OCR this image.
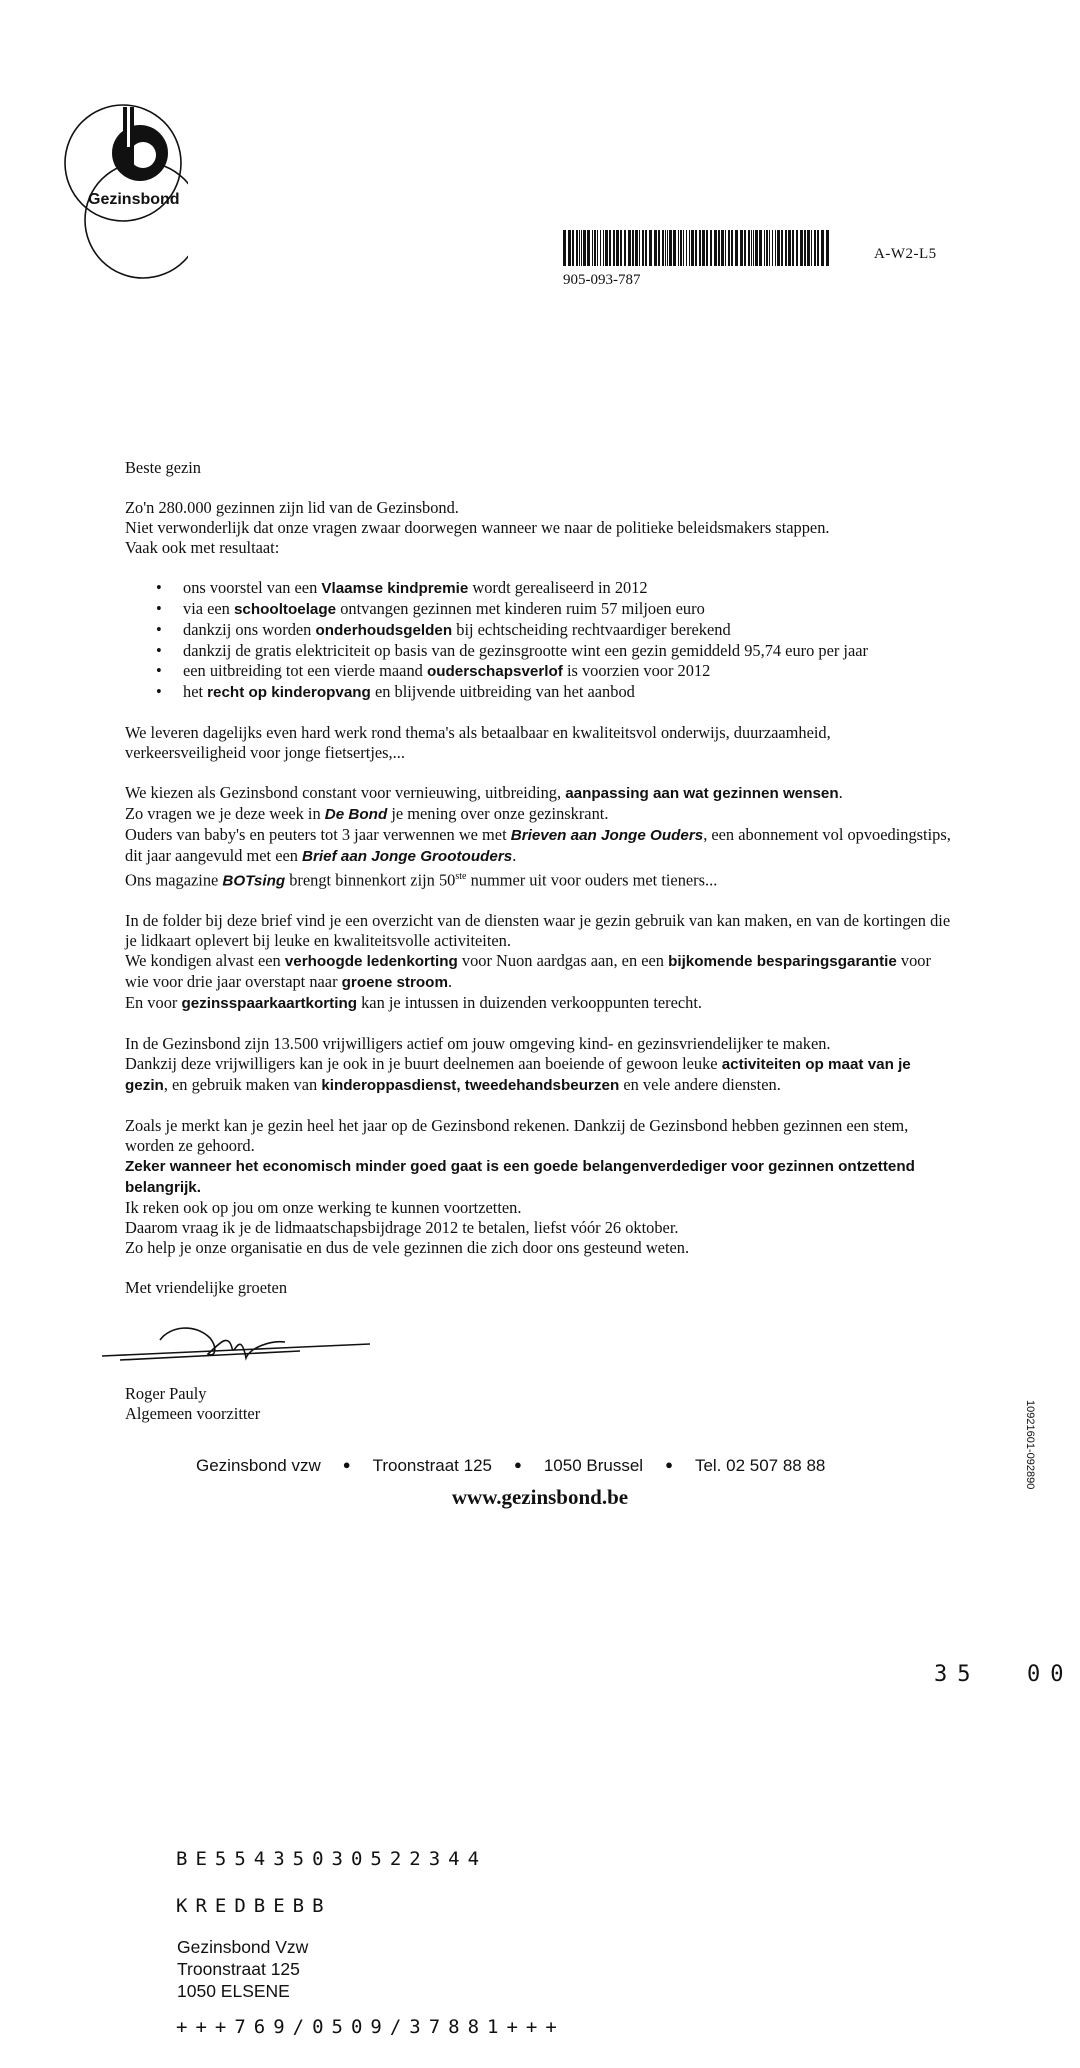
Gezinsbond
905-093-787
A-W2-L5
10921601-092890

Beste gezin

Zo'n 280.000 gezinnen zijn lid van de Gezinsbond.

Niet verwonderlijk dat onze vragen zwaar doorwegen wanneer we naar de politieke beleidsmakers stappen.

Vaak ook met resultaat:

• ons voorstel van een Vlaamse kindpremie wordt gerealiseerd in 2012
• via een schooltoelage ontvangen gezinnen met kinderen ruim 57 miljoen euro
• dankzij ons worden onderhoudsgelden bij echtscheiding rechtvaardiger berekend
• dankzij de gratis elektriciteit op basis van de gezinsgrootte wint een gezin gemiddeld 95,74 euro per jaar
• een uitbreiding tot een vierde maand ouderschapsverlof is voorzien voor 2012
• het recht op kinderopvang en blijvende uitbreiding van het aanbod

We leveren dagelijks even hard werk rond thema's als betaalbaar en kwaliteitsvol onderwijs, duurzaamheid, verkeersveiligheid voor jonge fietsertjes,...

We kiezen als Gezinsbond constant voor vernieuwing, uitbreiding, aanpassing aan wat gezinnen wensen.

Zo vragen we je deze week in De Bond je mening over onze gezinskrant.

Ouders van baby's en peuters tot 3 jaar verwennen we met Brieven aan Jonge Ouders, een abonnement vol opvoedingstips, dit jaar aangevuld met een Brief aan Jonge Grootouders.

Ons magazine BOTsing brengt binnenkort zijn 50ste nummer uit voor ouders met tieners...

In de folder bij deze brief vind je een overzicht van de diensten waar je gezin gebruik van kan maken, en van de kortingen die je lidkaart oplevert bij leuke en kwaliteitsvolle activiteiten.

We kondigen alvast een verhoogde ledenkorting voor Nuon aardgas aan, en een bijkomende besparingsgarantie voor wie voor drie jaar overstapt naar groene stroom.

En voor gezinsspaarkaartkorting kan je intussen in duizenden verkooppunten terecht.

In de Gezinsbond zijn 13.500 vrijwilligers actief om jouw omgeving kind- en gezinsvriendelijker te maken.

Dankzij deze vrijwilligers kan je ook in je buurt deelnemen aan boeiende of gewoon leuke activiteiten op maat van je gezin, en gebruik maken van kinderoppasdienst, tweedehandsbeurzen en vele andere diensten.

Zoals je merkt kan je gezin heel het jaar op de Gezinsbond rekenen. Dankzij de Gezinsbond hebben gezinnen een stem, worden ze gehoord.

Zeker wanneer het economisch minder goed gaat is een goede belangenverdediger voor gezinnen ontzettend belangrijk.

Ik reken ook op jou om onze werking te kunnen voortzetten.

Daarom vraag ik je de lidmaatschapsbijdrage 2012 te betalen, liefst vóór 26 oktober.

Zo help je onze organisatie en dus de vele gezinnen die zich door ons gesteund weten.

Met vriendelijke groeten

Roger Pauly
Algemeen voorzitter
Gezinsbond vzw ● Troonstraat 125 ● 1050 Brussel ● Tel. 02 507 88 88
www.gezinsbond.be
35  00
BE55435030522344
KREDBEBB
Gezinsbond Vzw
Troonstraat 125
1050 ELSENE
+++769/0509/37881+++
